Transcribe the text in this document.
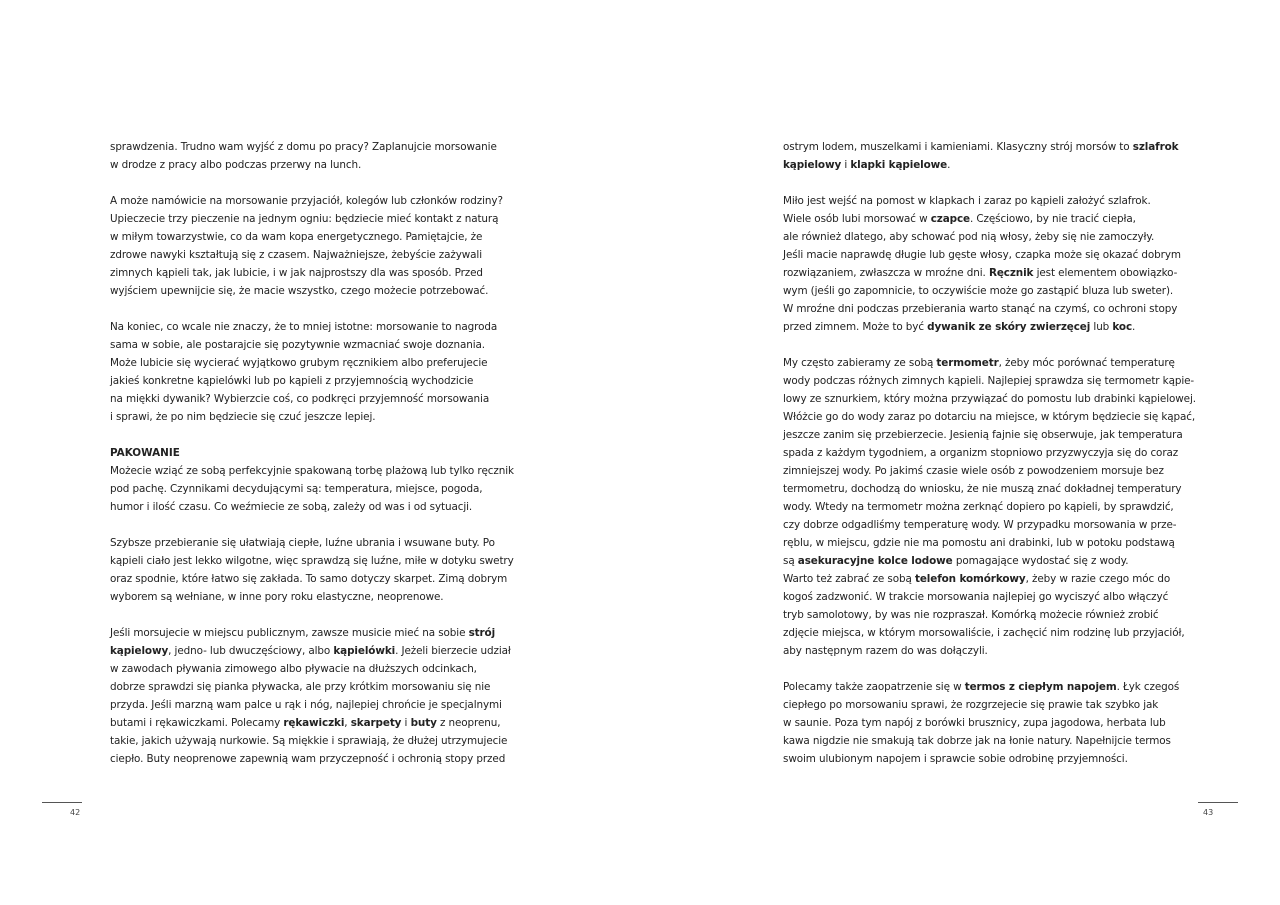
sprawdzenia. Trudno wam wyjść z domu po pracy? Zaplanujcie morsowanie
w drodze z pracy albo podczas przerwy na lunch.
A może namówicie na morsowanie przyjaciół, kolegów lub członków rodziny?
Upieczecie trzy pieczenie na jednym ogniu: będziecie mieć kontakt z naturą
w miłym towarzystwie, co da wam kopa energetycznego. Pamiętajcie, że
zdrowe nawyki kształtują się z czasem. Najważniejsze, żebyście zażywali
zimnych kąpieli tak, jak lubicie, i w jak najprostszy dla was sposób. Przed
wyjściem upewnijcie się, że macie wszystko, czego możecie potrzebować.
Na koniec, co wcale nie znaczy, że to mniej istotne: morsowanie to nagroda
sama w sobie, ale postarajcie się pozytywnie wzmacniać swoje doznania.
Może lubicie się wycierać wyjątkowo grubym ręcznikiem albo preferujecie
jakieś konkretne kąpielówki lub po kąpieli z przyjemnością wychodzicie
na miękki dywanik? Wybierzcie coś, co podkręci przyjemność morsowania
i sprawi, że po nim będziecie się czuć jeszcze lepiej.
PAKOWANIE
Możecie wziąć ze sobą perfekcyjnie spakowaną torbę plażową lub tylko ręcznik
pod pachę. Czynnikami decydującymi są: temperatura, miejsce, pogoda,
humor i ilość czasu. Co weźmiecie ze sobą, zależy od was i od sytuacji.
Szybsze przebieranie się ułatwiają ciepłe, luźne ubrania i wsuwane buty. Po
kąpieli ciało jest lekko wilgotne, więc sprawdzą się luźne, miłe w dotyku swetry
oraz spodnie, które łatwo się zakłada. To samo dotyczy skarpet. Zimą dobrym
wyborem są wełniane, w inne pory roku elastyczne, neoprenowe.
Jeśli morsujecie w miejscu publicznym, zawsze musicie mieć na sobie strój
kąpielowy, jedno- lub dwuczęściowy, albo kąpielówki. Jeżeli bierzecie udział
w zawodach pływania zimowego albo pływacie na dłuższych odcinkach,
dobrze sprawdzi się pianka pływacka, ale przy krótkim morsowaniu się nie
przyda. Jeśli marzną wam palce u rąk i nóg, najlepiej chrońcie je specjalnymi
butami i rękawiczkami. Polecamy rękawiczki, skarpety i buty z neoprenu,
takie, jakich używają nurkowie. Są miękkie i sprawiają, że dłużej utrzymujecie
ciepło. Buty neoprenowe zapewnią wam przyczepność i ochronią stopy przed
42
ostrym lodem, muszelkami i kamieniami. Klasyczny strój morsów to szlafrok
kąpielowy i klapki kąpielowe.
Miło jest wejść na pomost w klapkach i zaraz po kąpieli założyć szlafrok.
Wiele osób lubi morsować w czapce. Częściowo, by nie tracić ciepła,
ale również dlatego, aby schować pod nią włosy, żeby się nie zamoczyły.
Jeśli macie naprawdę długie lub gęste włosy, czapka może się okazać dobrym
rozwiązaniem, zwłaszcza w mroźne dni. Ręcznik jest elementem obowiązko-
wym (jeśli go zapomnicie, to oczywiście może go zastąpić bluza lub sweter).
W mroźne dni podczas przebierania warto stanąć na czymś, co ochroni stopy
przed zimnem. Może to być dywanik ze skóry zwierzęcej lub koc.
My często zabieramy ze sobą termometr, żeby móc porównać temperaturę
wody podczas różnych zimnych kąpieli. Najlepiej sprawdza się termometr kąpie-
lowy ze sznurkiem, który można przywiązać do pomostu lub drabinki kąpielowej.
Włóżcie go do wody zaraz po dotarciu na miejsce, w którym będziecie się kąpać,
jeszcze zanim się przebierzecie. Jesienią fajnie się obserwuje, jak temperatura
spada z każdym tygodniem, a organizm stopniowo przyzwyczyja się do coraz
zimniejszej wody. Po jakimś czasie wiele osób z powodzeniem morsuje bez
termometru, dochodzą do wniosku, że nie muszą znać dokładnej temperatury
wody. Wtedy na termometr można zerknąć dopiero po kąpieli, by sprawdzić,
czy dobrze odgadliśmy temperaturę wody. W przypadku morsowania w prze-
ręblu, w miejscu, gdzie nie ma pomostu ani drabinki, lub w potoku podstawą
są asekuracyjne kolce lodowe pomagające wydostać się z wody.
Warto też zabrać ze sobą telefon komórkowy, żeby w razie czego móc do
kogoś zadzwonić. W trakcie morsowania najlepiej go wyciszyć albo włączyć
tryb samolotowy, by was nie rozpraszał. Komórką możecie również zrobić
zdjęcie miejsca, w którym morsowaliście, i zachęcić nim rodzinę lub przyjaciół,
aby następnym razem do was dołączyli.
Polecamy także zaopatrzenie się w termos z ciepłym napojem. Łyk czegoś
ciepłego po morsowaniu sprawi, że rozgrzejecie się prawie tak szybko jak
w saunie. Poza tym napój z borówki brusznicy, zupa jagodowa, herbata lub
kawa nigdzie nie smakują tak dobrze jak na łonie natury. Napełnijcie termos
swoim ulubionym napojem i sprawcie sobie odrobinę przyjemności.
43
